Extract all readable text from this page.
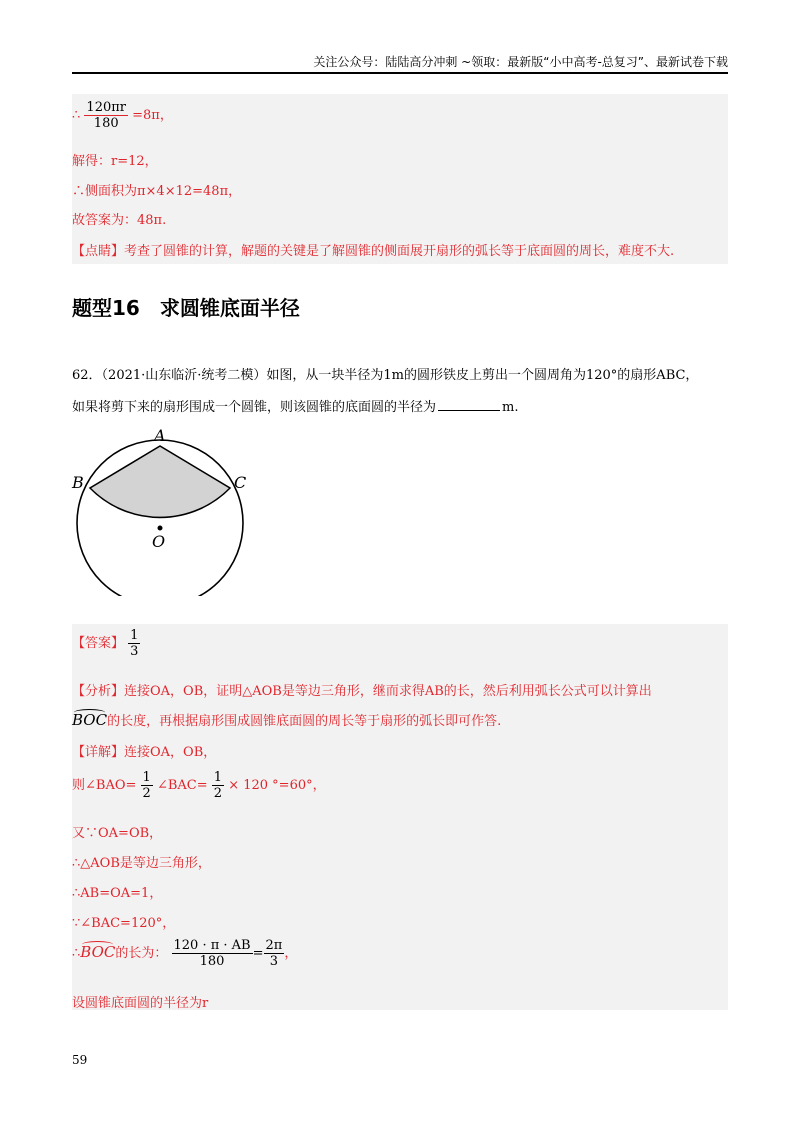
关注公众号：陆陆高分冲刺 ~领取：最新版“小中高考-总复习”、最新试卷下载
∴ $\frac{120\pi r}{180} =8\pi$，
解得：r=12，
∴侧面积为π×4×12=48π，
故答案为：48π.
【点睛】考查了圆锥的计算，解题的关键是了解圆锥的侧面展开扇形的弧长等于底面圆的周长，难度不大.
题型16　求圆锥底面半径
62．（2021·山东临沂·统考二模）如图，从一块半径为1m的圆形铁皮上剪出一个圆周角为120°的扇形ABC，
如果将剪下来的扇形围成一个圆锥，则该圆锥的底面圆的半径为	m.
A
B	C
O
【答案】 $\frac{1}{3}$
【分析】连接OA，OB，证明△AOB是等边三角形，继而求得AB的长，然后利用弧长公式可以计算出
BOC的长度，再根据扇形围成圆锥底面圆的周长等于扇形的弧长即可作答.
【详解】连接OA，OB，
则∠BAO= $\frac{1}{2}$ ∠BAC= $\frac{1}{2} \times 120$ °=60°，
又∵OA=OB，
∴△AOB是等边三角形，
∴AB=OA=1，
∵∠BAC=120°，
∴BOC的长为： $\frac{120 \cdot \pi \cdot AB}{180} = \frac{2\pi}{3}$ ，
设圆锥底面圆的半径为r
59
